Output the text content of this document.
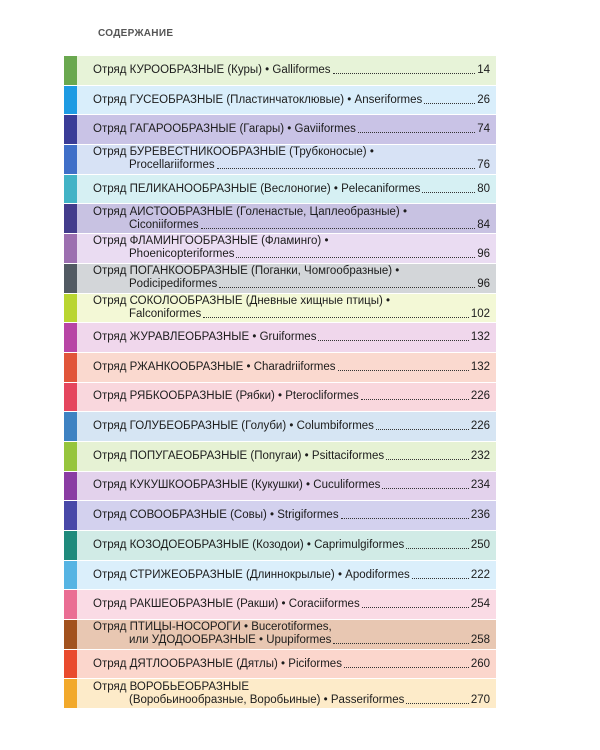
СОДЕРЖАНИЕ
Отряд КУРООБРАЗНЫЕ (Куры) • Galliformes	14
Отряд ГУСЕОБРАЗНЫЕ (Пластинчатоклювые) • Anseriformes	26
Отряд ГАГАРООБРАЗНЫЕ (Гагары) • Gaviiformes	74
Отряд БУРЕВЕСТНИКООБРАЗНЫЕ (Трубконосые) •
Procellariiformes	76
Отряд ПЕЛИКАНООБРАЗНЫЕ (Веслоногие) • Pelecaniformes	80
Отряд АИСТООБРАЗНЫЕ (Голенастые, Цаплеобразные) •
Ciconiiformes	84
Отряд ФЛАМИНГООБРАЗНЫЕ (Фламинго) •
Phoenicopteriformes	96
Отряд ПОГАНКООБРАЗНЫЕ (Поганки, Чомгообразные) •
Podicipediformes	96
Отряд СОКОЛООБРАЗНЫЕ (Дневные хищные птицы) •
Falconiformes	102
Отряд ЖУРАВЛЕОБРАЗНЫЕ • Gruiformes	132
Отряд РЖАНКООБРАЗНЫЕ • Charadriiformes	132
Отряд РЯБКООБРАЗНЫЕ (Рябки) • Pterocliformes	226
Отряд ГОЛУБЕОБРАЗНЫЕ (Голуби) • Columbiformes	226
Отряд ПОПУГАЕОБРАЗНЫЕ (Попугаи) • Psittaciformes	232
Отряд КУКУШКООБРАЗНЫЕ (Кукушки) • Cuculiformes	234
Отряд СОВООБРАЗНЫЕ (Совы) • Strigiformes	236
Отряд КОЗОДОЕОБРАЗНЫЕ (Козодои) • Caprimulgiformes	250
Отряд СТРИЖЕОБРАЗНЫЕ (Длиннокрылые) • Apodiformes	222
Отряд РАКШЕОБРАЗНЫЕ (Ракши) • Coraciiformes	254
Отряд ПТИЦЫ-НОСОРОГИ • Bucerotiformes,
или УДОДООБРАЗНЫЕ • Upupiformes	258
Отряд ДЯТЛООБРАЗНЫЕ (Дятлы) • Piciformes	260
Отряд ВОРОБЬЕОБРАЗНЫЕ
(Воробьинообразные, Воробьиные) • Passeriformes	270
